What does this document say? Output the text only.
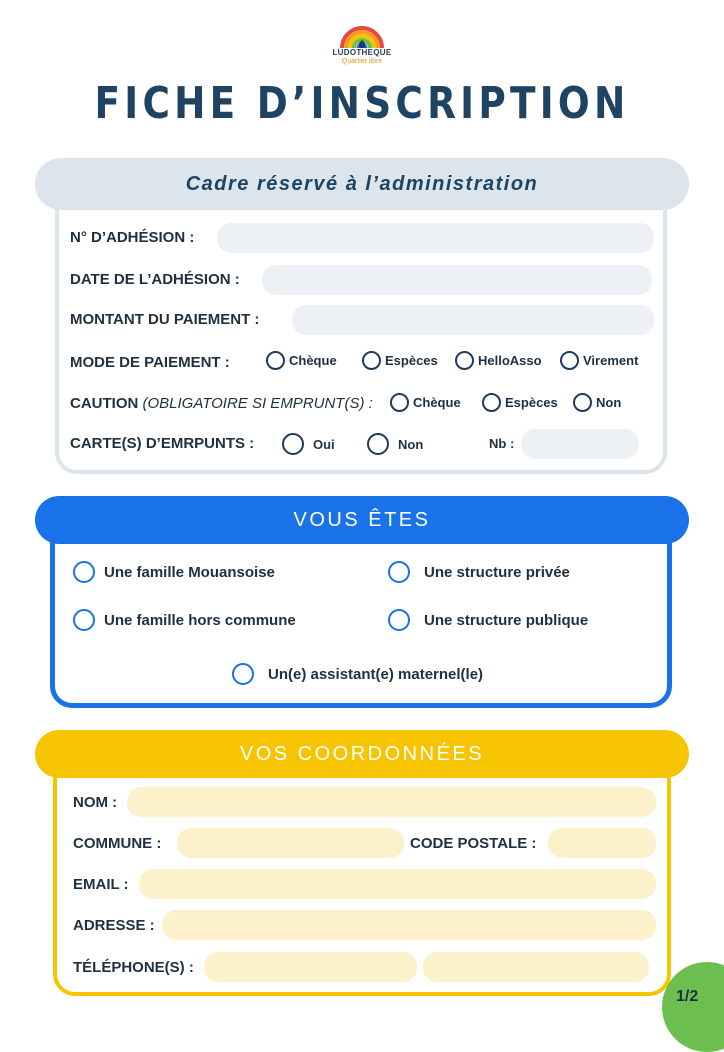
LUDOTHEQUE
Quartier libre
FICHE D’INSCRIPTION
Cadre réservé à l’administration
N° D’ADHÉSION :
DATE DE L’ADHÉSION :
MONTANT DU PAIEMENT :
MODE DE PAIEMENT :	Chèque	Espèces	HelloAsso	Virement
CAUTION (OBLIGATOIRE SI EMPRUNT(S) :	Chèque	Espèces	Non
CARTE(S) D’EMRPUNTS :	Oui	Non	Nb :
VOUS ÊTES
Une famille Mouansoise	Une structure privée
Une famille hors commune	Une structure publique
Un(e) assistant(e) maternel(le)
VOS COORDONNÉES
NOM :
COMMUNE :	CODE POSTALE :
EMAIL :
ADRESSE :
TÉLÉPHONE(S) :
1/2
